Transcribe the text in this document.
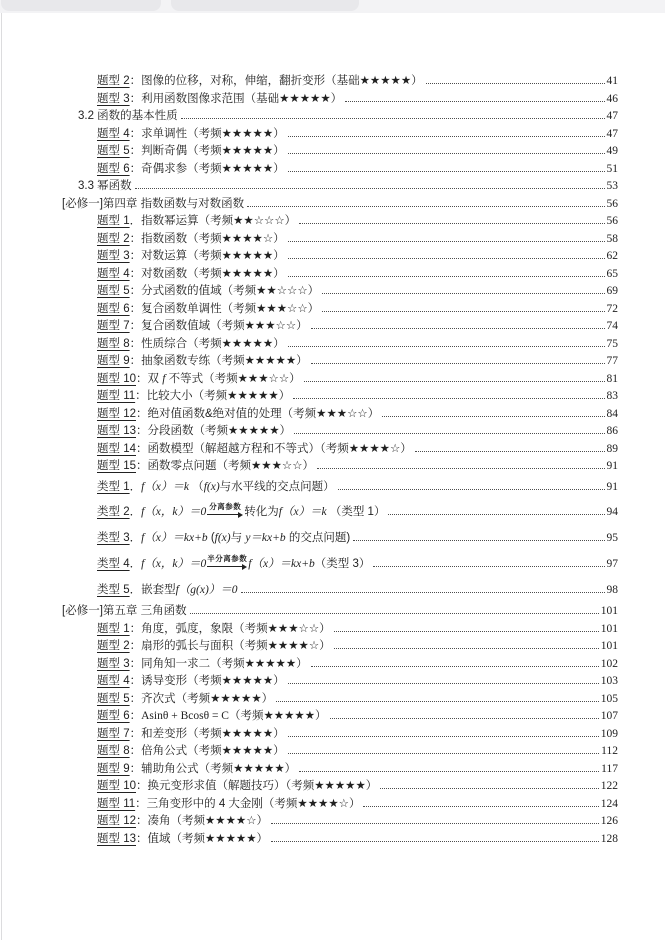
题型 2 ： 图像的位移，对称，伸缩，翻折变形（基础★★★★★）	41
题型 3 ： 利用函数图像求范围（基础★★★★★）	46
3.2 函数的基本性质	47
题型 4 ： 求单调性（考频★★★★★）	47
题型 5 ： 判断奇偶（考频★★★★★）	49
题型 6 ： 奇偶求参（考频★★★★★）	51
3.3 幂函数	53
[必修一]第四章 指数函数与对数函数	56
题型 1 ． 指数幂运算（考频★★☆☆☆）	56
题型 2 ： 指数函数（考频★★★★☆）	58
题型 3 ： 对数运算（考频★★★★★）	62
题型 4 ： 对数函数（考频★★★★★）	65
题型 5 ： 分式函数的值域（考频★★☆☆☆）	69
题型 6 ： 复合函数单调性（考频★★★☆☆）	72
题型 7 ： 复合函数值域（考频★★★☆☆）	74
题型 8 ： 性质综合（考频★★★★★）	75
题型 9 ： 抽象函数专练（考频★★★★★）	77
题型 10 ： 双 f 不等式（考频★★★☆☆）	81
题型 11 ： 比较大小（考频★★★★★）	83
题型 12 ： 绝对值函数&绝对值的处理（考频★★★☆☆）	84
题型 13 ： 分段函数（考频★★★★★）	86
题型 14 ： 函数模型（解超越方程和不等式）（考频★★★★☆）	89
题型 15 ： 函数零点问题（考频★★★☆☆）	91
类型 1 ． f（x）＝k （ f(x) 与水平线的交点问题）	91
类型 2 ． f（x，k）＝0 分离参数 转化为 f（x）＝k （类型 1）	94
类型 3 ． f（x）＝kx+b ( f(x) 与 y＝kx+b 的交点问题)	95
类型 4 ． f（x，k）＝0 半分离参数 f（x）＝kx+b （类型 3）	97
类型 5 ． 嵌套型 f（g(x)）＝0	98
[必修一]第五章 三角函数	101
题型 1 ： 角度，弧度，象限（考频★★★☆☆）	101
题型 2 ： 扇形的弧长与面积（考频★★★★☆）	101
题型 3 ： 同角知一求二（考频★★★★★）	102
题型 4 ： 诱导变形（考频★★★★★）	103
题型 5 ： 齐次式（考频★★★★★）	105
题型 6 ： Asinθ + Bcosθ = C （考频★★★★★）	107
题型 7 ： 和差变形（考频★★★★★）	109
题型 8 ： 倍角公式（考频★★★★★）	112
题型 9 ： 辅助角公式（考频★★★★★）	117
题型 10 ： 换元变形求值（解题技巧）（考频★★★★★）	122
题型 11 ： 三角变形中的 4 大金刚（考频★★★★☆）	124
题型 12 ： 凑角（考频★★★★☆）	126
题型 13 ： 值域（考频★★★★★）	128
